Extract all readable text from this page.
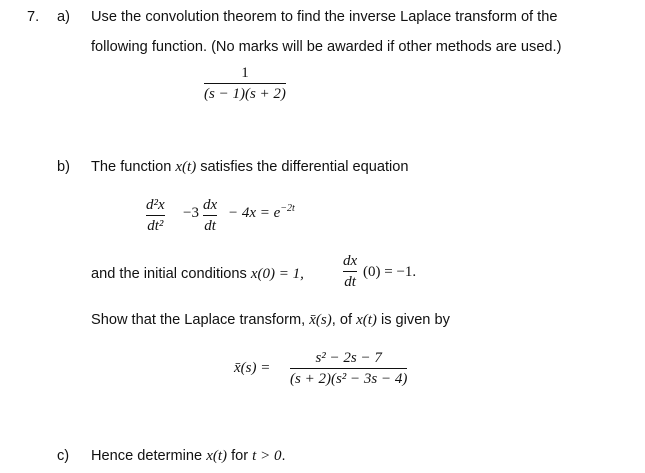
7. a) Use the convolution theorem to find the inverse Laplace transform of the
following function. (No marks will be awarded if other methods are used.)
1
(s − 1)(s + 2)
b) The function x(t) satisfies the differential equation
d²x
dt²
−3 dx
dt
− $4x = e^{-2t}$
and the initial conditions x(0) = 1,
dx
dt
(0) = −1.
Show that the Laplace transform, x̄(s), of x(t) is given by
x̄(s) =
s² − 2s − 7
(s + 2)(s² − 3s − 4)
c) Hence determine x(t) for t > 0.
